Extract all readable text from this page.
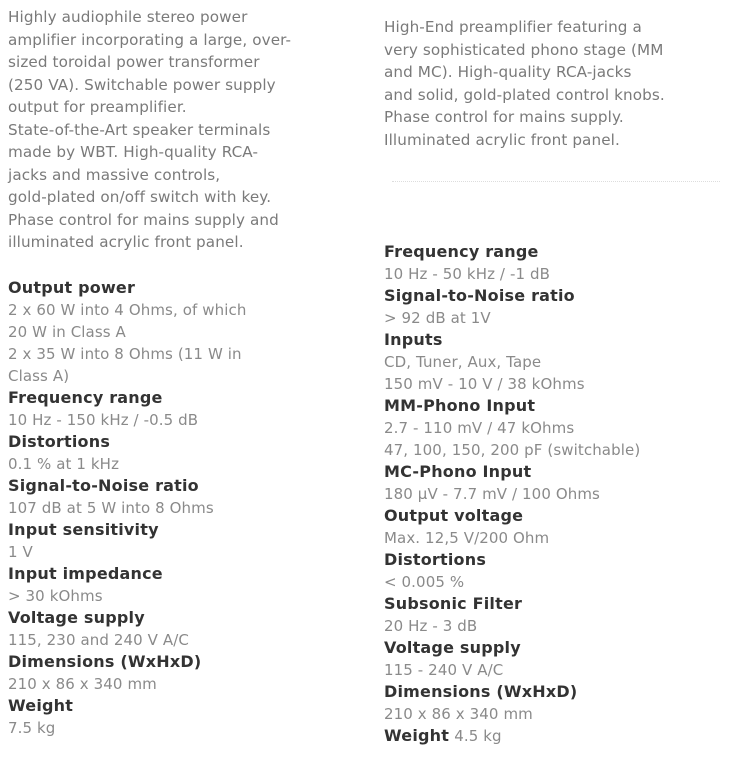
Highly audiophile stereo power
amplifier incorporating a large, over-
sized toroidal power transformer
(250 VA). Switchable power supply
output for preamplifier.
State-of-the-Art speaker terminals
made by WBT. High-quality RCA-
jacks and massive controls,
gold-plated on/off switch with key.
Phase control for mains supply and
illuminated acrylic front panel.

Output power
2 x 60 W into 4 Ohms, of which
20 W in Class A
2 x 35 W into 8 Ohms (11 W in
Class A)
Frequency range
10 Hz - 150 kHz / -0.5 dB
Distortions
0.1 % at 1 kHz
Signal-to-Noise ratio
107 dB at 5 W into 8 Ohms
Input sensitivity
1 V
Input impedance
> 30 kOhms
Voltage supply
115, 230 and 240 V A/C
Dimensions (WxHxD)
210 x 86 x 340 mm
Weight
7.5 kg

High-End preamplifier featuring a
very sophisticated phono stage (MM
and MC). High-quality RCA-jacks
and solid, gold-plated control knobs.
Phase control for mains supply.
Illuminated acrylic front panel.

Frequency range
10 Hz - 50 kHz / -1 dB
Signal-to-Noise ratio
> 92 dB at 1V
Inputs
CD, Tuner, Aux, Tape
150 mV - 10 V / 38 kOhms
MM-Phono Input
2.7 - 110 mV / 47 kOhms
47, 100, 150, 200 pF (switchable)
MC-Phono Input
180 µV - 7.7 mV / 100 Ohms
Output voltage
Max. 12,5 V/200 Ohm
Distortions
< 0.005 %
Subsonic Filter
20 Hz - 3 dB
Voltage supply
115 - 240 V A/C
Dimensions (WxHxD)
210 x 86 x 340 mm
Weight 4.5 kg
